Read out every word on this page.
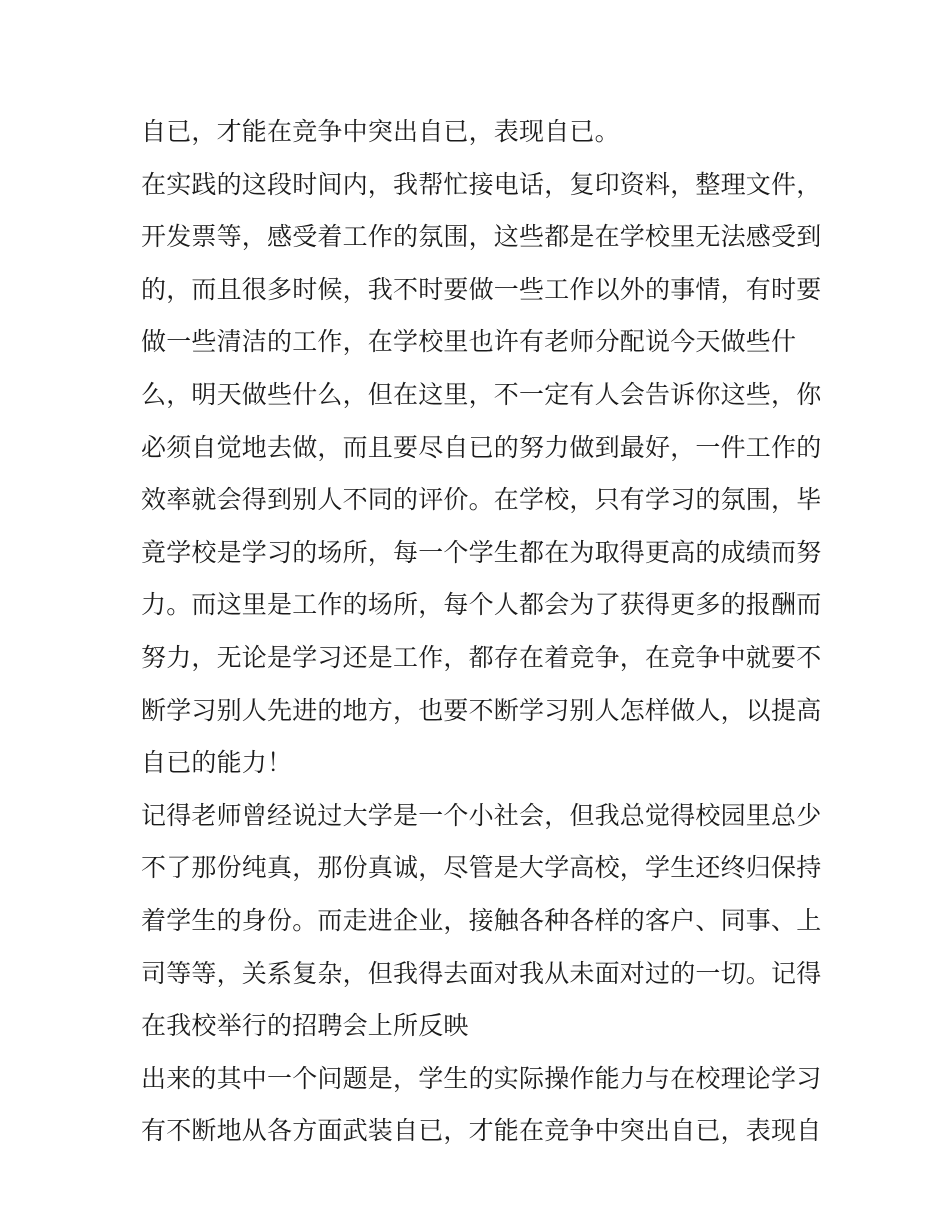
自已，才能在竞争中突出自已，表现自已。
在实践的这段时间内，我帮忙接电话，复印资料，整理文件，
开发票等，感受着工作的氛围，这些都是在学校里无法感受到
的，而且很多时候，我不时要做一些工作以外的事情，有时要
做一些清洁的工作，在学校里也许有老师分配说今天做些什
么，明天做些什么，但在这里，不一定有人会告诉你这些，你
必须自觉地去做，而且要尽自已的努力做到最好，一件工作的
效率就会得到别人不同的评价。在学校，只有学习的氛围，毕
竟学校是学习的场所，每一个学生都在为取得更高的成绩而努
力。而这里是工作的场所，每个人都会为了获得更多的报酬而
努力，无论是学习还是工作，都存在着竞争，在竞争中就要不
断学习别人先进的地方，也要不断学习别人怎样做人，以提高
自已的能力！
记得老师曾经说过大学是一个小社会，但我总觉得校园里总少
不了那份纯真，那份真诚，尽管是大学高校，学生还终归保持
着学生的身份。而走进企业，接触各种各样的客户、同事、上
司等等，关系复杂，但我得去面对我从未面对过的一切。记得
在我校举行的招聘会上所反映
出来的其中一个问题是，学生的实际操作能力与在校理论学习
有不断地从各方面武装自已，才能在竞争中突出自已，表现自
